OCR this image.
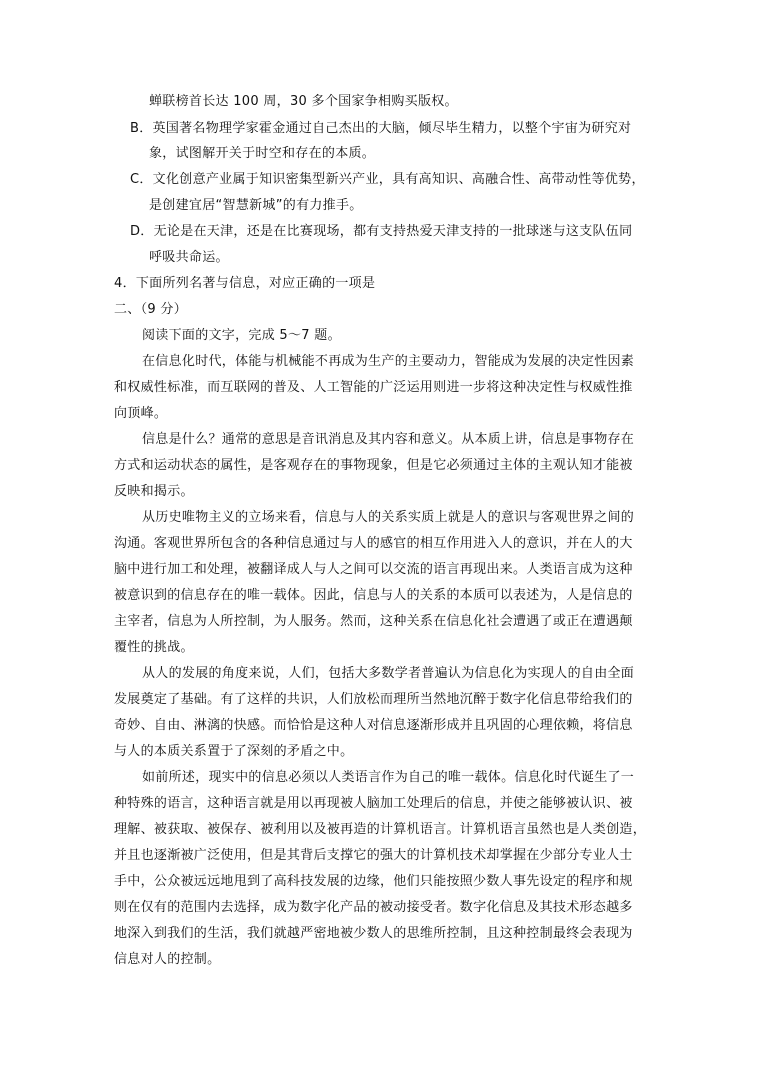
蝉联榜首长达 100 周，30 多个国家争相购买版权。
B．英国著名物理学家霍金通过自己杰出的大脑，倾尽毕生精力，以整个宇宙为研究对
象，试图解开关于时空和存在的本质。
C．文化创意产业属于知识密集型新兴产业，具有高知识、高融合性、高带动性等优势，
是创建宜居“智慧新城”的有力推手。
D．无论是在天津，还是在比赛现场，都有支持热爱天津支持的一批球迷与这支队伍同
呼吸共命运。
4．下面所列名著与信息，对应正确的一项是
二、（9 分）
阅读下面的文字，完成 5～7 题。
在信息化时代，体能与机械能不再成为生产的主要动力，智能成为发展的决定性因素
和权威性标准，而互联网的普及、人工智能的广泛运用则进一步将这种决定性与权威性推
向顶峰。
信息是什么？通常的意思是音讯消息及其内容和意义。从本质上讲，信息是事物存在
方式和运动状态的属性，是客观存在的事物现象，但是它必须通过主体的主观认知才能被
反映和揭示。
从历史唯物主义的立场来看，信息与人的关系实质上就是人的意识与客观世界之间的
沟通。客观世界所包含的各种信息通过与人的感官的相互作用进入人的意识，并在人的大
脑中进行加工和处理，被翻译成人与人之间可以交流的语言再现出来。人类语言成为这种
被意识到的信息存在的唯一载体。因此，信息与人的关系的本质可以表述为，人是信息的
主宰者，信息为人所控制，为人服务。然而，这种关系在信息化社会遭遇了或正在遭遇颠
覆性的挑战。
从人的发展的角度来说，人们，包括大多数学者普遍认为信息化为实现人的自由全面
发展奠定了基础。有了这样的共识，人们放松而理所当然地沉醉于数字化信息带给我们的
奇妙、自由、淋漓的快感。而恰恰是这种人对信息逐渐形成并且巩固的心理依赖，将信息
与人的本质关系置于了深刻的矛盾之中。
如前所述，现实中的信息必须以人类语言作为自己的唯一载体。信息化时代诞生了一
种特殊的语言，这种语言就是用以再现被人脑加工处理后的信息，并使之能够被认识、被
理解、被获取、被保存、被利用以及被再造的计算机语言。计算机语言虽然也是人类创造，
并且也逐渐被广泛使用，但是其背后支撑它的强大的计算机技术却掌握在少部分专业人士
手中，公众被远远地甩到了高科技发展的边缘，他们只能按照少数人事先设定的程序和规
则在仅有的范围内去选择，成为数字化产品的被动接受者。数字化信息及其技术形态越多
地深入到我们的生活，我们就越严密地被少数人的思维所控制，且这种控制最终会表现为
信息对人的控制。
